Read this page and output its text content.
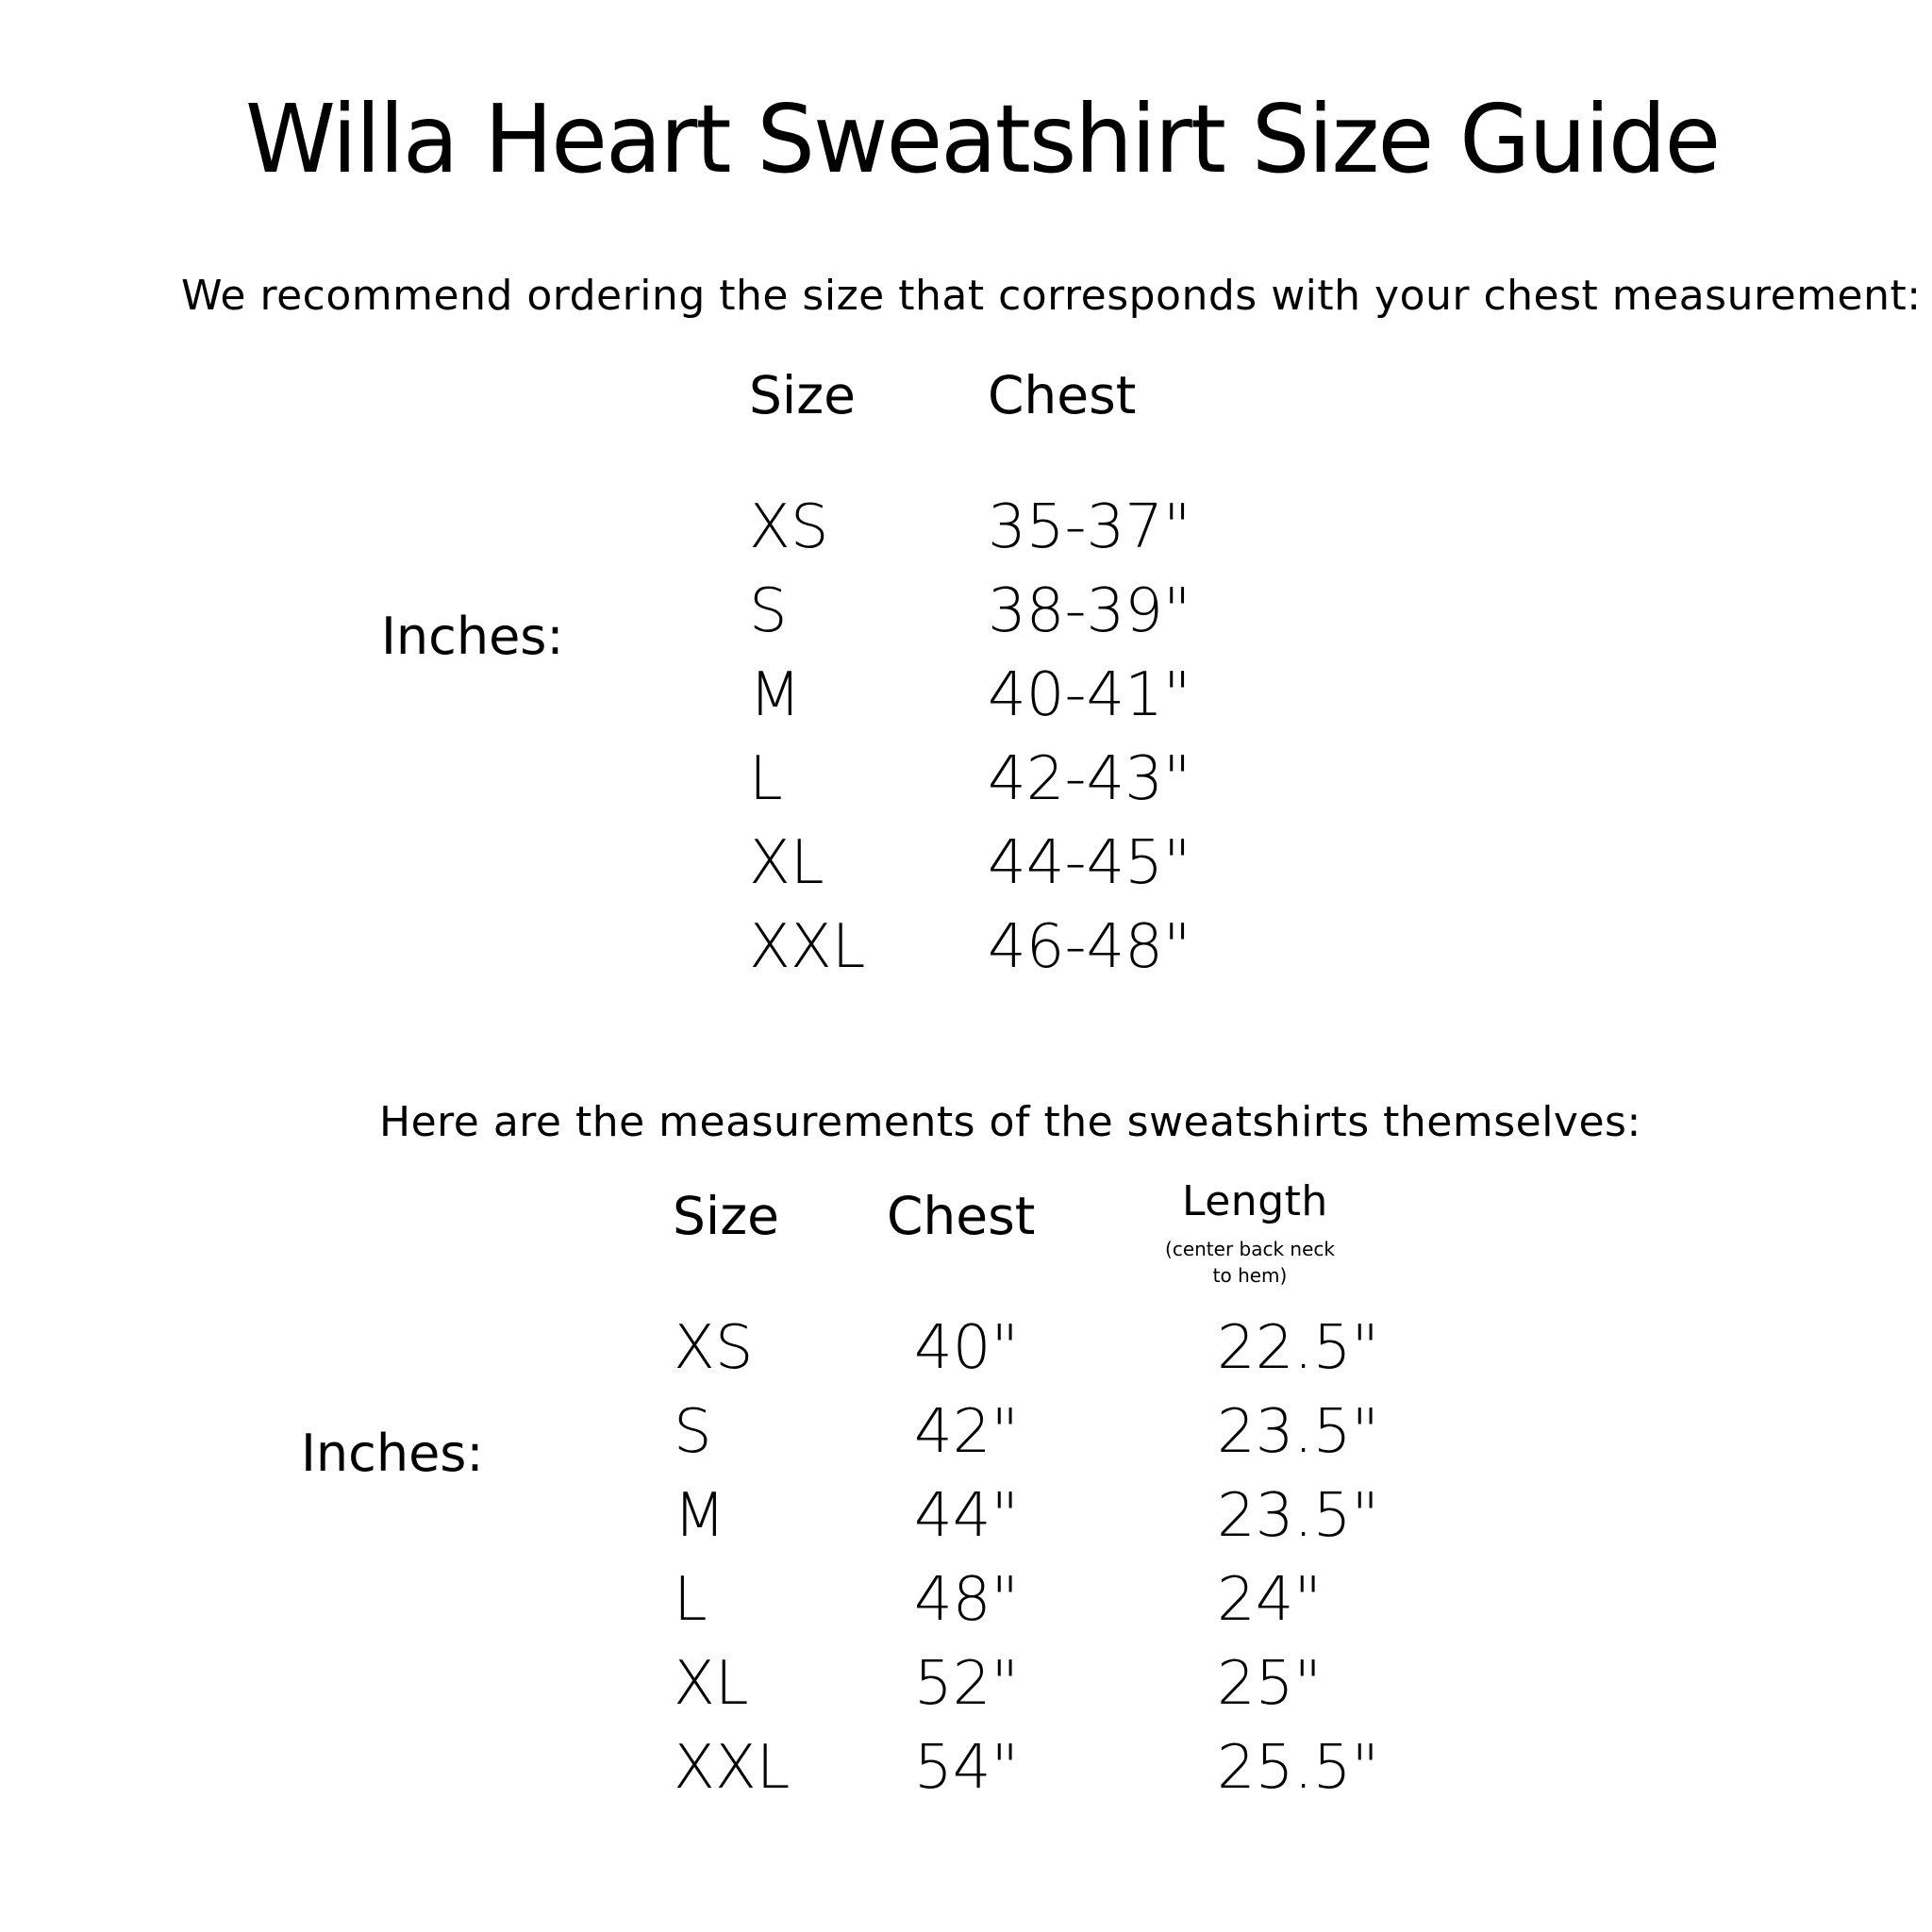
Willa Heart Sweatshirt Size Guide
We recommend ordering the size that corresponds with your chest measurement:
Size	Chest
Inches:
XS	35-37"
S	38-39"
M	40-41"
L	42-43"
XL	44-45"
XXL 46-48"
Here are the measurements of the sweatshirts themselves:
Size Chest	Length
(center back neck
to hem)
Inches:
XS	40"	22.5"
S	42"	23.5"
M	44"	23.5"
L	48"	24"
XL	52"	25"
XXL 54"	25.5"
